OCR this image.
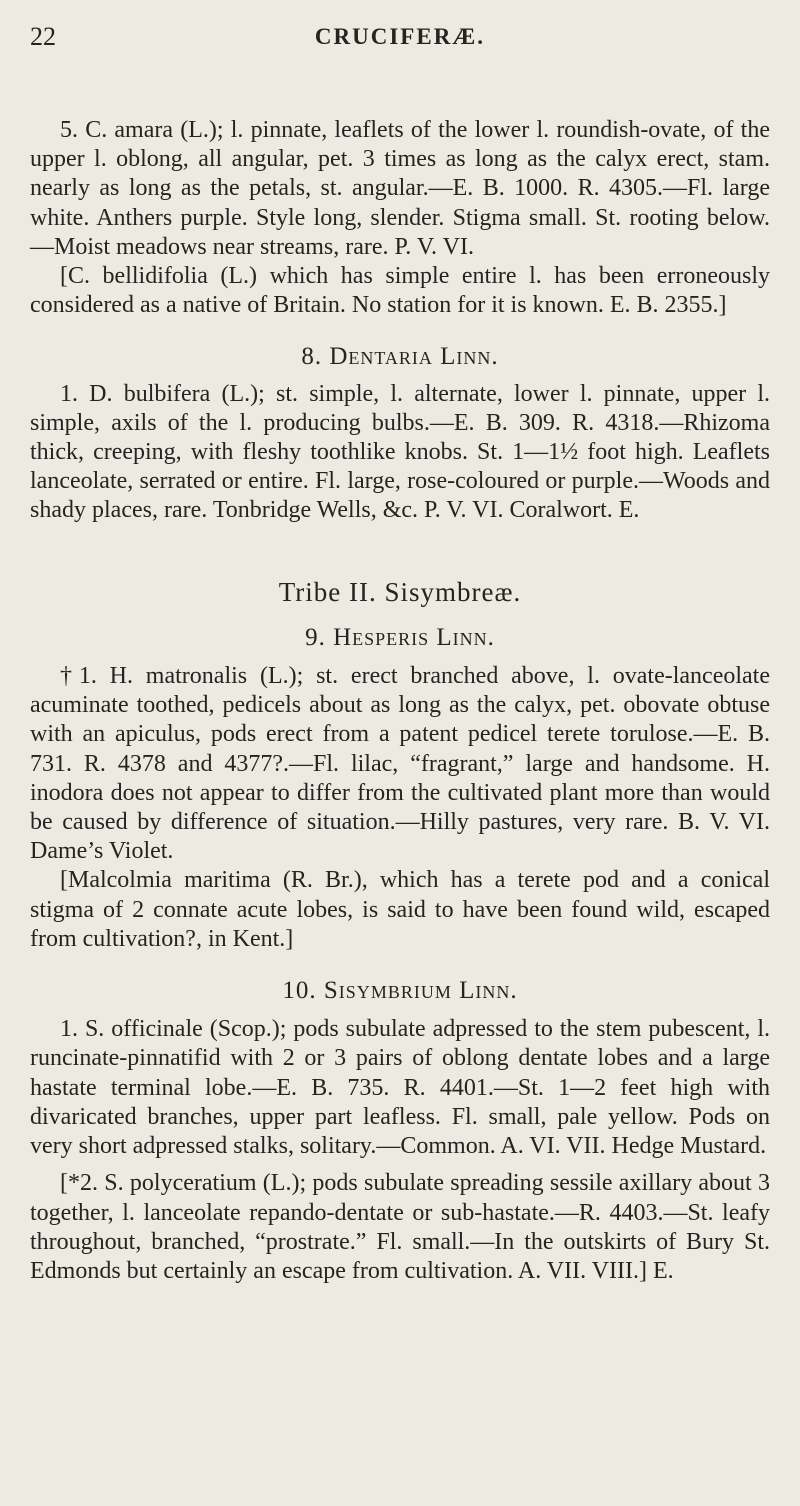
22	CRUCIFERÆ.

5. C. amara (L.); l. pinnate, leaflets of the lower l. roundish-ovate, of the upper l. oblong, all angular, pet. 3 times as long as the calyx erect, stam. nearly as long as the petals, st. angular.—E. B. 1000. R. 4305.—Fl. large white. Anthers purple. Style long, slender. Stigma small. St. rooting below.—Moist meadows near streams, rare. P. V. VI.

[C. bellidifolia (L.) which has simple entire l. has been erroneously considered as a native of Britain. No station for it is known. E. B. 2355.]

8. Dentaria Linn.

1. D. bulbifera (L.); st. simple, l. alternate, lower l. pinnate, upper l. simple, axils of the l. producing bulbs.—E. B. 309. R. 4318.—Rhizoma thick, creeping, with fleshy toothlike knobs. St. 1—1½ foot high. Leaflets lanceolate, serrated or entire. Fl. large, rose-coloured or purple.—Woods and shady places, rare. Tonbridge Wells, &c. P. V. VI. Coralwort. E.

Tribe II. Sisymbreæ.

9. Hesperis Linn.

†1. H. matronalis (L.); st. erect branched above, l. ovate-lanceolate acuminate toothed, pedicels about as long as the calyx, pet. obovate obtuse with an apiculus, pods erect from a patent pedicel terete torulose.—E. B. 731. R. 4378 and 4377?.—Fl. lilac, “fragrant,” large and handsome. H. inodora does not appear to differ from the cultivated plant more than would be caused by difference of situation.—Hilly pastures, very rare. B. V. VI. Dame’s Violet.

[Malcolmia maritima (R. Br.), which has a terete pod and a conical stigma of 2 connate acute lobes, is said to have been found wild, escaped from cultivation?, in Kent.]

10. Sisymbrium Linn.

1. S. officinale (Scop.); pods subulate adpressed to the stem pubescent, l. runcinate-pinnatifid with 2 or 3 pairs of oblong dentate lobes and a large hastate terminal lobe.—E. B. 735. R. 4401.—St. 1—2 feet high with divaricated branches, upper part leafless. Fl. small, pale yellow. Pods on very short adpressed stalks, solitary.—Common. A. VI. VII. Hedge Mustard.

[*2. S. polyceratium (L.); pods subulate spreading sessile axillary about 3 together, l. lanceolate repando-dentate or sub-hastate.—R. 4403.—St. leafy throughout, branched, “prostrate.” Fl. small.—In the outskirts of Bury St. Edmonds but certainly an escape from cultivation. A. VII. VIII.] E.
